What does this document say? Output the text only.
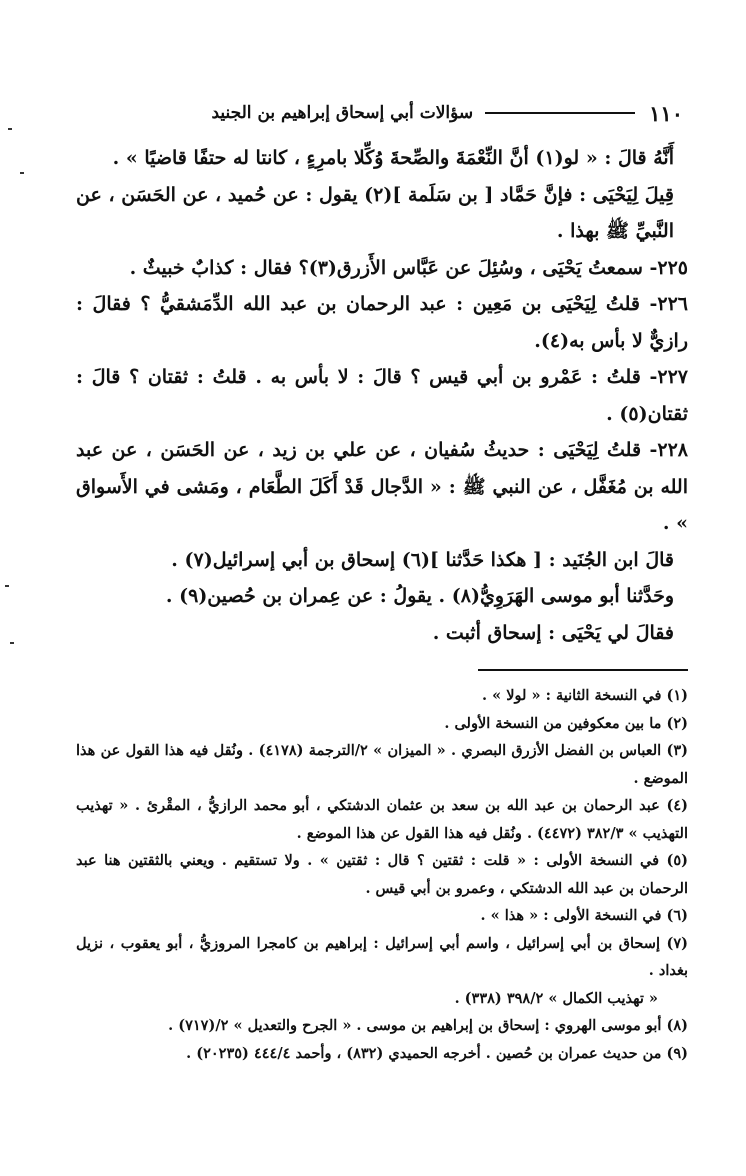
١١٠
سؤالات أبي إسحاق إبراهيم بن الجنيد

أَنَّهُ قالَ : « لو(١) أنَّ النِّعْمَةَ والصِّحةَ وُكِّلا بامرِءٍ ، كانتا له حتفًا قاضيًا » .

قِيلَ لِيَحْيَى : فإنَّ حَمَّاد [ بن سَلَمة ](٢) يقول : عن حُميد ، عن الحَسَن ، عن النَّبيِّ ﷺ بهذا .

٢٢٥- سمعتُ يَحْيَى ، وسُئِلَ عن عَبَّاس الأَزرق(٣)؟ فقال : كذابٌ خبيثٌ .

٢٢٦- قلتُ لِيَحْيَى بن مَعِين : عبد الرحمان بن عبد الله الدِّمَشقيُّ ؟ فقالَ : رازيٌّ لا بأس به(٤).

٢٢٧- قلتُ : عَمْرو بن أبي قيس ؟ قالَ : لا بأس به . قلتُ : ثقتان ؟ قالَ : ثقتان(٥) .

٢٢٨- قلتُ لِيَحْيَى : حديثُ سُفيان ، عن علي بن زيد ، عن الحَسَن ، عن عبد الله بن مُغَفَّل ، عن النبي ﷺ : « الدَّجال قَدْ أَكَلَ الطَّعَام ، ومَشى في الأَسواق » .

قالَ ابن الجُنَيد : [ هكذا حَدَّثنا ](٦) إسحاق بن أبي إسرائيل(٧) .

وحَدَّثنا أبو موسى الهَرَوِيُّ(٨) . يقولُ : عن عِمران بن حُصين(٩) .

فقالَ لي يَحْيَى : إسحاق أثبت .

(١) في النسخة الثانية : « لولا » .

(٢) ما بين معكوفين من النسخة الأولى .

(٣) العباس بن الفضل الأزرق البصري . « الميزان » ٢/الترجمة (٤١٧٨) . ونُقل فيه هذا القول عن هذا الموضع .

(٤) عبد الرحمان بن عبد الله بن سعد بن عثمان الدشتكي ، أبو محمد الرازيُّ ، المقْرئ . « تهذيب التهذيب » ٣٨٢/٣ (٤٤٧٢) . ونُقل فيه هذا القول عن هذا الموضع .

(٥) في النسخة الأولى : « قلت : ثقتين ؟ قال : ثقتين » . ولا تستقيم . ويعني بالثقتين هنا عبد الرحمان بن عبد الله الدشتكي ، وعمرو بن أبي قيس .

(٦) في النسخة الأولى : « هذا » .

(٧) إسحاق بن أبي إسرائيل ، واسم أبي إسرائيل : إبراهيم بن كامجرا المروزيُّ ، أبو يعقوب ، نزيل بغداد .

« تهذيب الكمال » ٣٩٨/٢ (٣٣٨) .

(٨) أبو موسى الهروي : إسحاق بن إبراهيم بن موسى . « الجرح والتعديل » ٢/(٧١٧) .

(٩) من حديث عمران بن حُصين . أخرجه الحميدي (٨٣٢) ، وأحمد ٤٤٤/٤ (٢٠٢٣٥) .
